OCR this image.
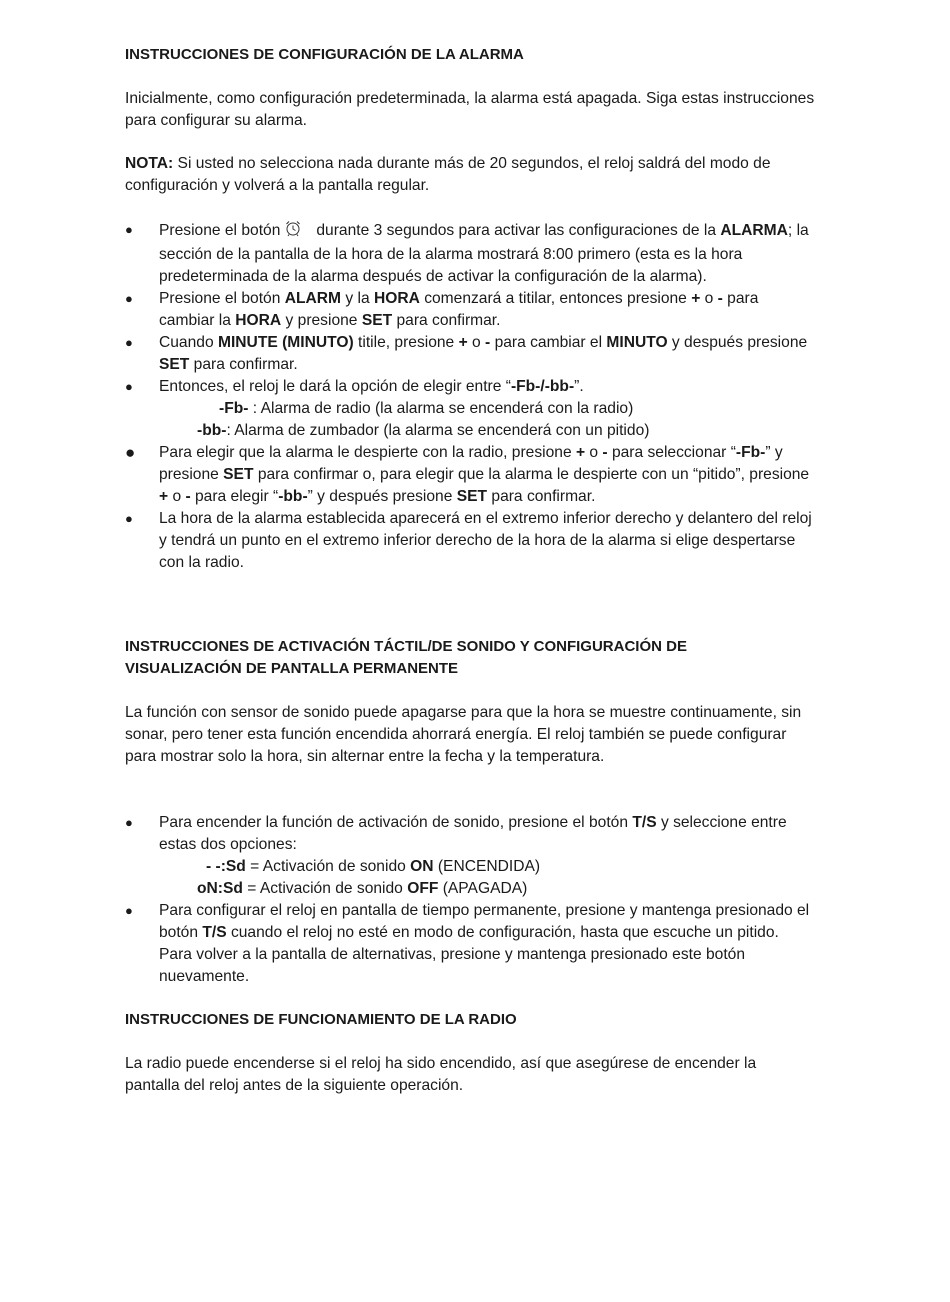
INSTRUCCIONES DE CONFIGURACIÓN DE LA ALARMA

Inicialmente, como configuración predeterminada, la alarma está apagada. Siga estas instrucciones para configurar su alarma.

NOTA: Si usted no selecciona nada durante más de 20 segundos, el reloj saldrá del modo de configuración y volverá a la pantalla regular.

● Presione el botón durante 3 segundos para activar las configuraciones de la ALARMA; la sección de la pantalla de la hora de la alarma mostrará 8:00 primero (esta es la hora predeterminada de la alarma después de activar la configuración de la alarma).
● Presione el botón ALARM y la HORA comenzará a titilar, entonces presione + o - para cambiar la HORA y presione SET para confirmar.
● Cuando MINUTE (MINUTO) titile, presione + o - para cambiar el MINUTO y después presione SET para confirmar.
● Entonces, el reloj le dará la opción de elegir entre “-Fb-/-bb-”.
-Fb- : Alarma de radio (la alarma se encenderá con la radio)
-bb-: Alarma de zumbador (la alarma se encenderá con un pitido)
● Para elegir que la alarma le despierte con la radio, presione + o - para seleccionar “-Fb-” y presione SET para confirmar o, para elegir que la alarma le despierte con un “pitido”, presione + o - para elegir “-bb-” y después presione SET para confirmar.
● La hora de la alarma establecida aparecerá en el extremo inferior derecho y delantero del reloj y tendrá un punto en el extremo inferior derecho de la hora de la alarma si elige despertarse con la radio.

INSTRUCCIONES DE ACTIVACIÓN TÁCTIL/DE SONIDO Y CONFIGURACIÓN DE
VISUALIZACIÓN DE PANTALLA PERMANENTE

La función con sensor de sonido puede apagarse para que la hora se muestre continuamente, sin sonar, pero tener esta función encendida ahorrará energía. El reloj también se puede configurar para mostrar solo la hora, sin alternar entre la fecha y la temperatura.

● Para encender la función de activación de sonido, presione el botón T/S y seleccione entre estas dos opciones:
- -:Sd = Activación de sonido ON (ENCENDIDA)
oN:Sd = Activación de sonido OFF (APAGADA)
● Para configurar el reloj en pantalla de tiempo permanente, presione y mantenga presionado el botón T/S cuando el reloj no esté en modo de configuración, hasta que escuche un pitido. Para volver a la pantalla de alternativas, presione y mantenga presionado este botón nuevamente.

INSTRUCCIONES DE FUNCIONAMIENTO DE LA RADIO

La radio puede encenderse si el reloj ha sido encendido, así que asegúrese de encender la pantalla del reloj antes de la siguiente operación.
